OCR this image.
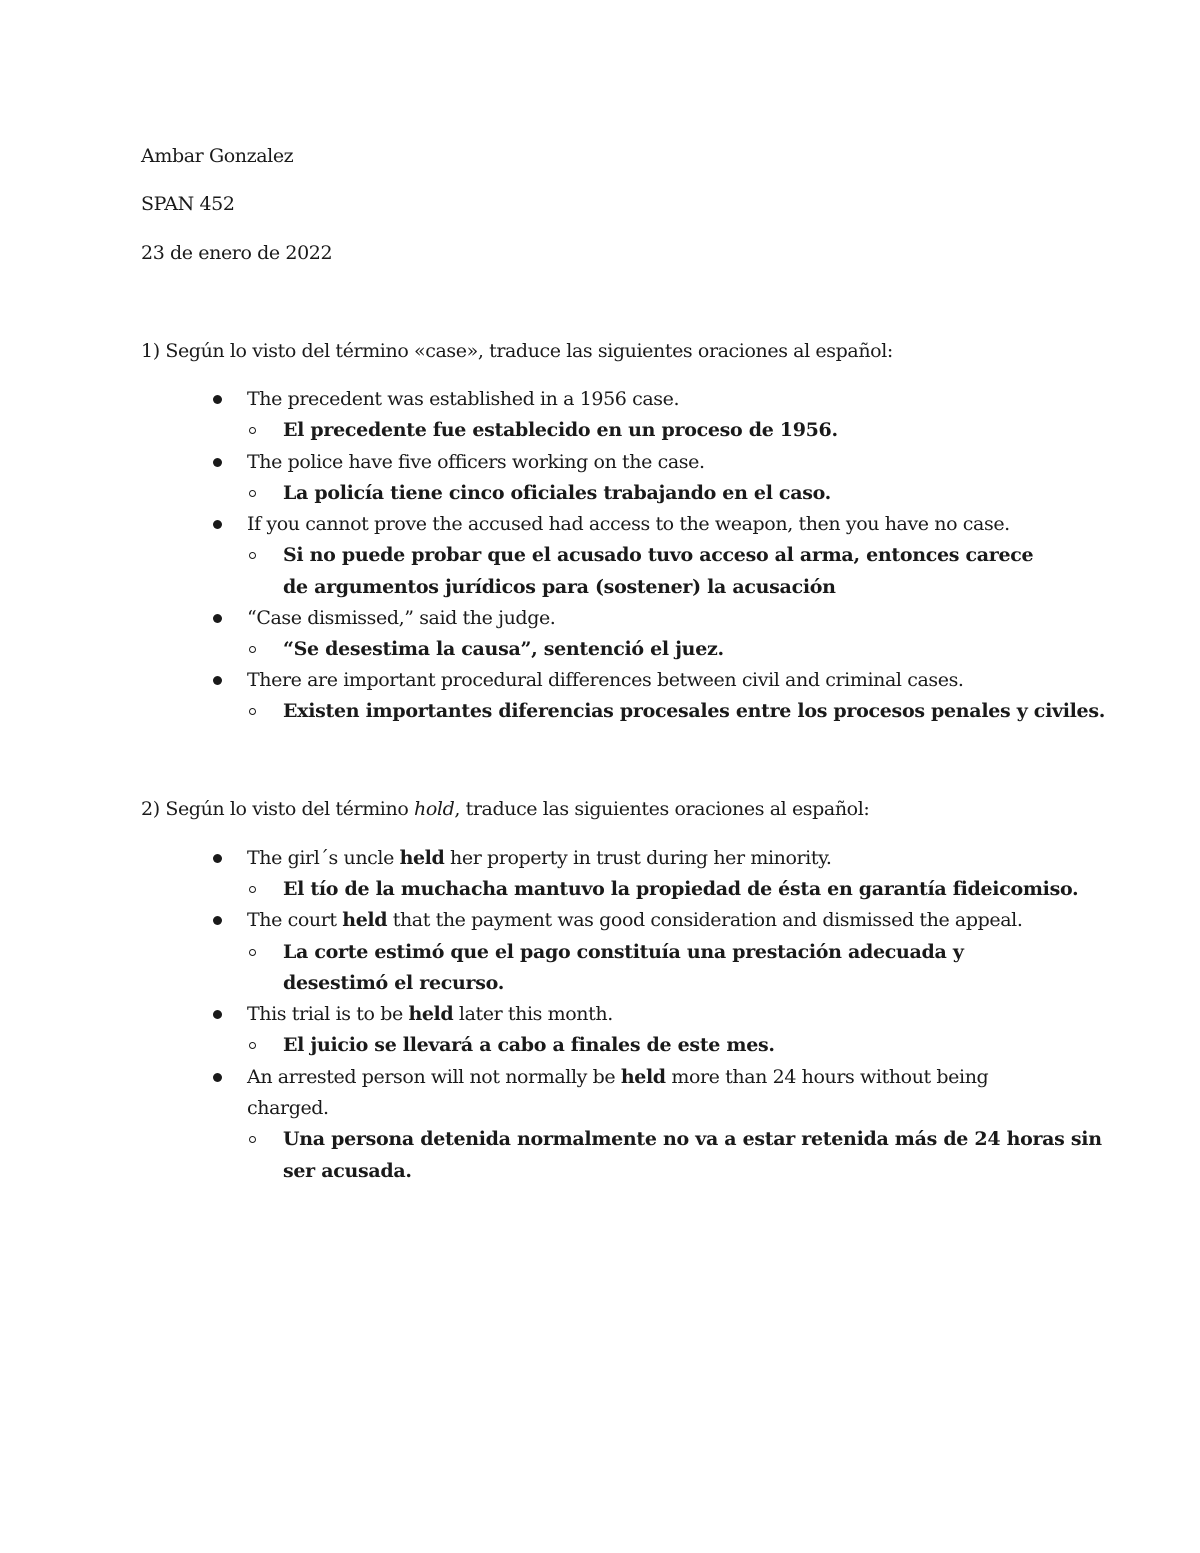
Ambar Gonzalez
SPAN 452
23 de enero de 2022
1) Según lo visto del término «case», traduce las siguientes oraciones al español:
The precedent was established in a 1956 case.
El precedente fue establecido en un proceso de 1956.
The police have five officers working on the case.
La policía tiene cinco oficiales trabajando en el caso.
If you cannot prove the accused had access to the weapon, then you have no case.
Si no puede probar que el acusado tuvo acceso al arma, entonces carece
de argumentos jurídicos para (sostener) la acusación
“Case dismissed,” said the judge.
“Se desestima la causa”, sentenció el juez.
There are important procedural differences between civil and criminal cases.
Existen importantes diferencias procesales entre los procesos penales y civiles.
2) Según lo visto del término hold, traduce las siguientes oraciones al español:
The girl´s uncle held her property in trust during her minority.
El tío de la muchacha mantuvo la propiedad de ésta en garantía fideicomiso.
The court held that the payment was good consideration and dismissed the appeal.
La corte estimó que el pago constituía una prestación adecuada y
desestimó el recurso.
This trial is to be held later this month.
El juicio se llevará a cabo a finales de este mes.
An arrested person will not normally be held more than 24 hours without being
charged.
Una persona detenida normalmente no va a estar retenida más de 24 horas sin
ser acusada.
